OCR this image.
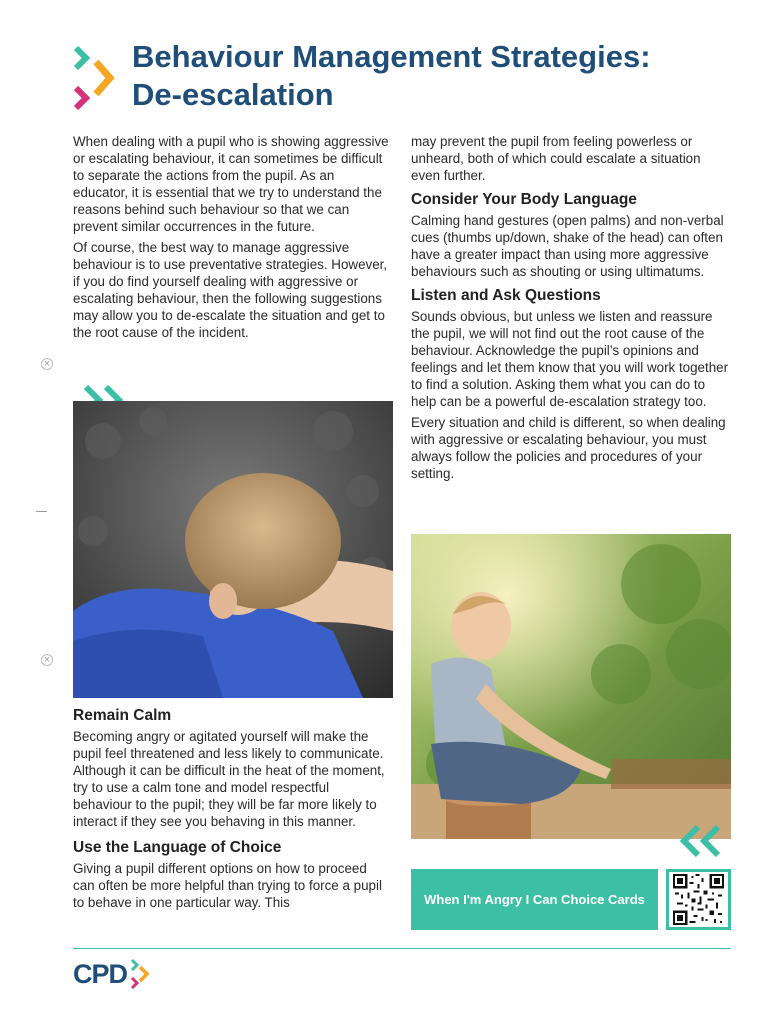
Behaviour Management Strategies:
De-escalation

When dealing with a pupil who is showing aggressive or escalating behaviour, it can sometimes be difficult to separate the actions from the pupil. As an educator, it is essential that we try to understand the reasons behind such behaviour so that we can prevent similar occurrences in the future.

Of course, the best way to manage aggressive behaviour is to use preventative strategies. However, if you do find yourself dealing with aggressive or escalating behaviour, then the following suggestions may allow you to de-escalate the situation and get to the root cause of the incident.

×
×
Remain Calm

Becoming angry or agitated yourself will make the pupil feel threatened and less likely to communicate. Although it can be difficult in the heat of the moment, try to use a calm tone and model respectful behaviour to the pupil; they will be far more likely to interact if they see you behaving in this manner.

Use the Language of Choice

Giving a pupil different options on how to proceed can often be more helpful than trying to force a pupil to behave in one particular way. This

may prevent the pupil from feeling powerless or unheard, both of which could escalate a situation even further.

Consider Your Body Language

Calming hand gestures (open palms) and non-verbal cues (thumbs up/down, shake of the head) can often have a greater impact than using more aggressive behaviours such as shouting or using ultimatums.

Listen and Ask Questions

Sounds obvious, but unless we listen and reassure the pupil, we will not find out the root cause of the behaviour. Acknowledge the pupil’s opinions and feelings and let them know that you will work together to find a solution. Asking them what you can do to help can be a powerful de-escalation strategy too.

Every situation and child is different, so when dealing with aggressive or escalating behaviour, you must always follow the policies and procedures of your setting.

When I'm Angry I Can Choice Cards
CPD
